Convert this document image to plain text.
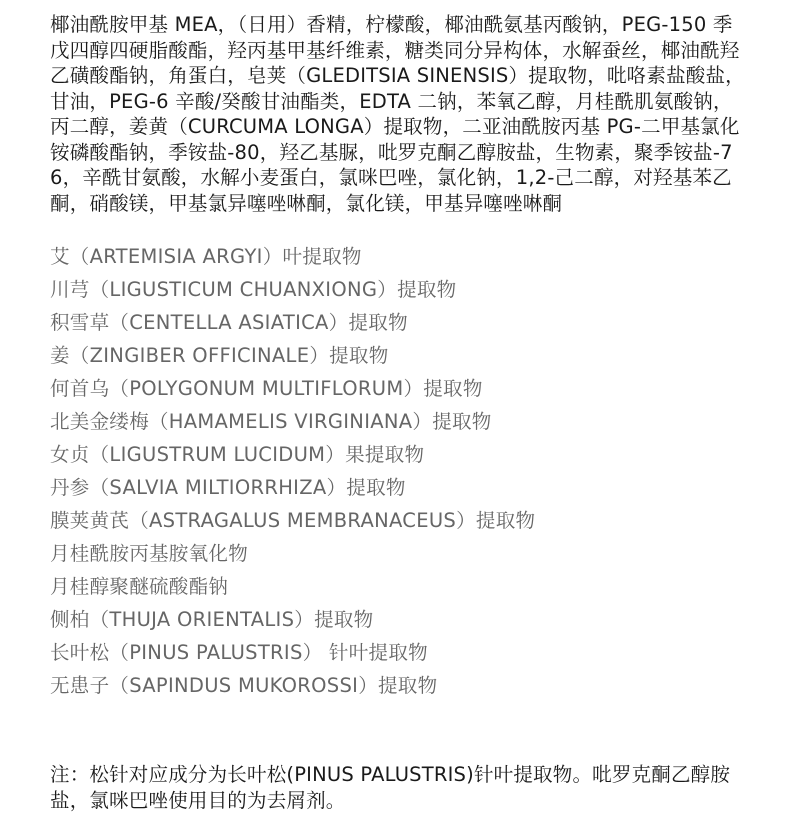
椰油酰胺甲基 MEA，（日用）香精，柠檬酸，椰油酰氨基丙酸钠，PEG-150 季戊四醇四硬脂酸酯，羟丙基甲基纤维素，糖类同分异构体，水解蚕丝，椰油酰羟乙磺酸酯钠，角蛋白，皂荚（GLEDITSIA SINENSIS）提取物，吡咯素盐酸盐，甘油，PEG-6 辛酸/癸酸甘油酯类，EDTA 二钠，苯氧乙醇，月桂酰肌氨酸钠，丙二醇，姜黄（CURCUMA LONGA）提取物，二亚油酰胺丙基 PG-二甲基氯化铵磷酸酯钠，季铵盐-80，羟乙基脲，吡罗克酮乙醇胺盐，生物素，聚季铵盐-76，辛酰甘氨酸，水解小麦蛋白，氯咪巴唑，氯化钠，1,2-己二醇，对羟基苯乙酮，硝酸镁，甲基氯异噻唑啉酮，氯化镁，甲基异噻唑啉酮

艾（ARTEMISIA ARGYI）叶提取物
川芎（LIGUSTICUM CHUANXIONG）提取物
积雪草（CENTELLA ASIATICA）提取物
姜（ZINGIBER OFFICINALE）提取物
何首乌（POLYGONUM MULTIFLORUM）提取物
北美金缕梅（HAMAMELIS VIRGINIANA）提取物
女贞（LIGUSTRUM LUCIDUM）果提取物
丹参（SALVIA MILTIORRHIZA）提取物
膜荚黄芪（ASTRAGALUS MEMBRANACEUS）提取物
月桂酰胺丙基胺氧化物
月桂醇聚醚硫酸酯钠
侧柏（THUJA ORIENTALIS）提取物
长叶松（PINUS PALUSTRIS） 针叶提取物
无患子（SAPINDUS MUKOROSSI）提取物

注：松针对应成分为长叶松(PINUS PALUSTRIS)针叶提取物。吡罗克酮乙醇胺盐，氯咪巴唑使用目的为去屑剂。
